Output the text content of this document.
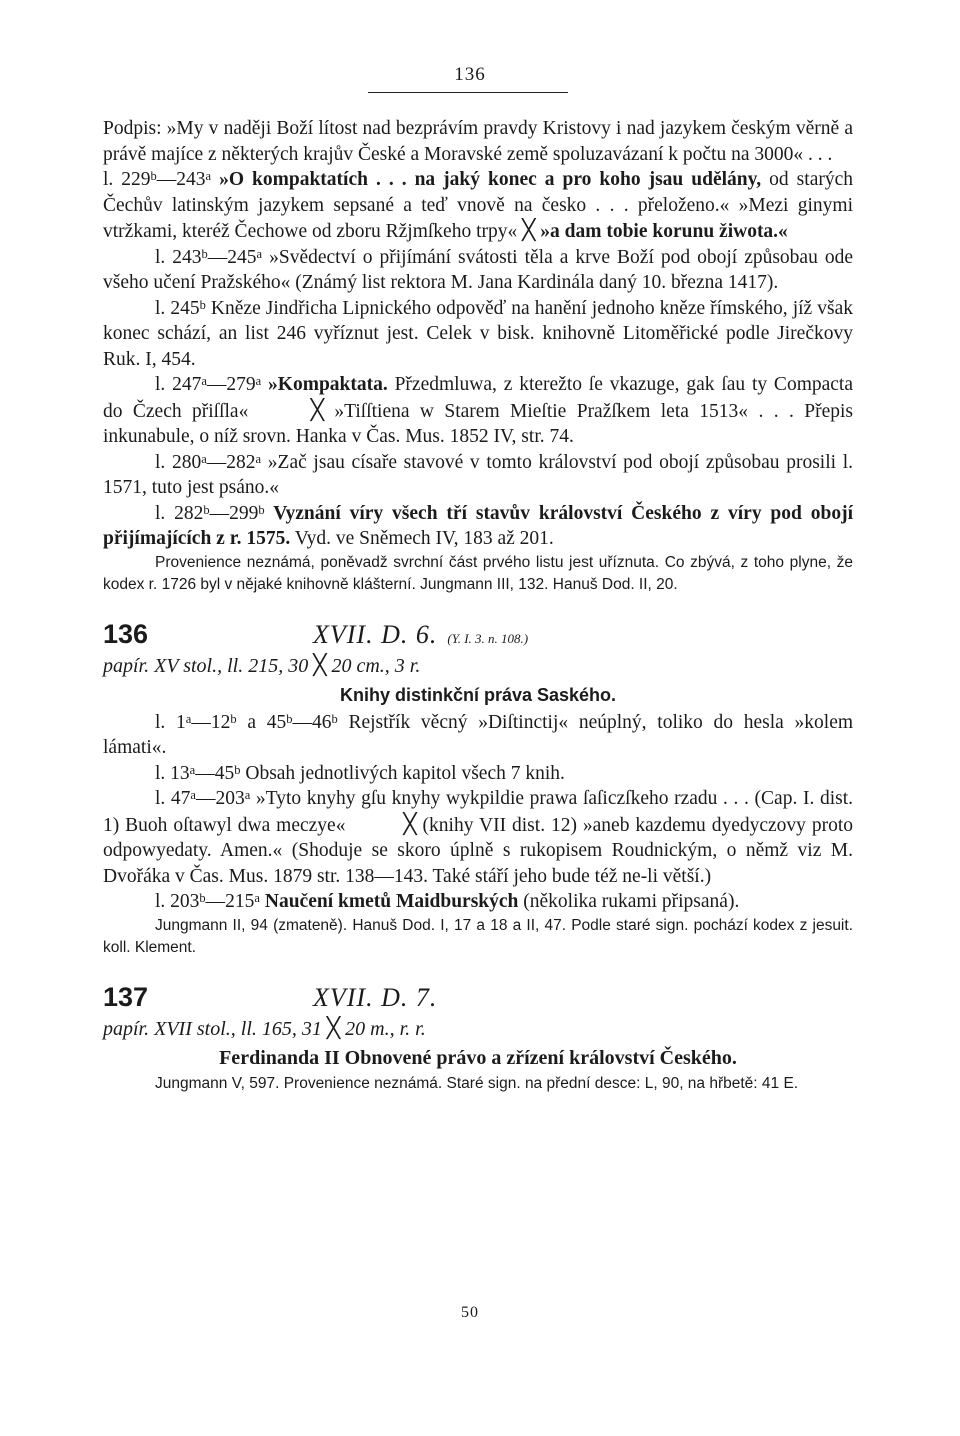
136

Podpis: »My v naději Boží lítost nad bezprávím pravdy Kristovy i nad jazykem českým věrně a právě majíce z některých krajův České a Moravské země spoluzavázaní k počtu na 3000« . . .

l. 229$^b$—243$^a$ »O kompaktatích . . . na jaký konec a pro koho jsau udělány, od starých Čechův latinským jazykem sepsané a teď vnově na česko . . . přeloženo.« »Mezi ginymi vtržkami, kteréž Čechowe od zboru Ržjmſkeho trpy« ╳ »a dam tobie korunu žiwota.«

l. 243$^b$—245$^a$ »Svědectví o přijímání svátosti těla a krve Boží pod obojí způsobau ode všeho učení Pražského« (Známý list rektora M. Jana Kardinála daný 10. března 1417).

l. 245$^b$ Kněze Jindřicha Lipnického odpověď na hanění jednoho kněze římského, jíž však konec schází, an list 246 vyříznut jest. Celek v bisk. knihovně Litoměřické podle Jirečkovy Ruk. I, 454.

l. 247$^a$—279$^a$ »Kompaktata. Přzedmluwa, z kterežto ſe vkazuge, gak ſau ty Compacta do Čzech přiſſla« ╳ »Tiſſtiena w Starem Mieſtie Pražſkem leta 1513« . . . Přepis inkunabule, o níž srovn. Hanka v Čas. Mus. 1852 IV, str. 74.

l. 280$^a$—282$^a$ »Zač jsau císaře stavové v tomto království pod obojí způsobau prosili l. 1571, tuto jest psáno.«

l. 282$^b$—299$^b$ Vyznání víry všech tří stavův království Českého z víry pod obojí přijímajících z r. 1575. Vyd. ve Sněmech IV, 183 až 201.

Provenience neznámá, poněvadž svrchní část prvého listu jest uříznuta. Co zbývá, z toho plyne, že kodex r. 1726 byl v nějaké knihovně klášterní. Jungmann III, 132. Hanuš Dod. II, 20.

136	XVII. D. 6. (Y. I. 3. n. 108.)

papír. XV stol., ll. 215, 30 ╳ 20 cm., 3 r.

Knihy distinkční práva Saského.

l. 1$^a$—12$^b$ a 45$^b$—46$^b$ Rejstřík věcný »Diſtinctij« neúplný, toliko do hesla »kolem lámati«.

l. 13$^a$—45$^b$ Obsah jednotlivých kapitol všech 7 knih.

l. 47$^a$—203$^a$ »Tyto knyhy gſu knyhy wykpildie prawa ſaſiczſkeho rzadu . . . (Cap. I. dist. 1) Buoh oſtawyl dwa meczye« ╳ (knihy VII dist. 12) »aneb kazdemu dyedyczovy proto odpowyedaty. Amen.« (Shoduje se skoro úplně s rukopisem Roudnickým, o němž viz M. Dvořáka v Čas. Mus. 1879 str. 138—143. Také stáří jeho bude též ne-li větší.)

l. 203$^b$—215$^a$ Naučení kmetů Maidburských (několika rukami připsaná).

Jungmann II, 94 (zmateně). Hanuš Dod. I, 17 a 18 a II, 47. Podle staré sign. pochází kodex z jesuit. koll. Klement.

137	XVII. D. 7.

papír. XVII stol., ll. 165, 31 ╳ 20 m., r. r.

Ferdinanda II Obnovené právo a zřízení království Českého.

Jungmann V, 597. Provenience neznámá. Staré sign. na přední desce: L, 90, na hřbetě: 41 E.

50
